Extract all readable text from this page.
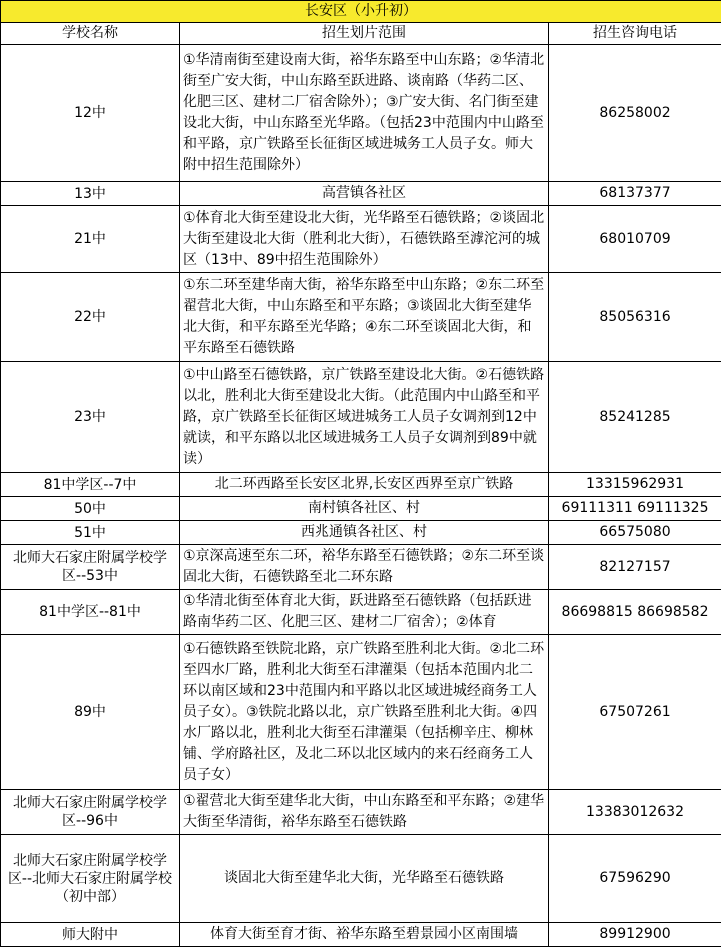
长安区（小升初）		
学校名称	招生划片范围	招生咨询电话
12中	①华清南街至建设南大街，裕华东路至中山东路；②华清北街至广安大街，中山东路至跃进路、谈南路（华药二区、化肥三区、建材二厂宿舍除外）；③广安大街、名门街至建设北大街，中山东路至光华路。（包括23中范围内中山路至和平路，京广铁路至长征街区域进城务工人员子女。师大附中招生范围除外）	86258002
13中	高营镇各社区	68137377
21中	①体育北大街至建设北大街，光华路至石德铁路；②谈固北大街至建设北大街（胜利北大街），石德铁路至滹沱河的城区（13中、89中招生范围除外）	68010709
22中	①东二环至建华南大街，裕华东路至中山东路；②东二环至翟营北大街，中山东路至和平东路；③谈固北大街至建华北大街，和平东路至光华路；④东二环至谈固北大街，和平东路至石德铁路	85056316
23中	①中山路至石德铁路，京广铁路至建设北大街。②石德铁路以北，胜利北大街至建设北大街。（此范围内中山路至和平路，京广铁路至长征街区域进城务工人员子女调剂到12中就读，和平东路以北区域进城务工人员子女调剂到89中就读）	85241285
81中学区--7中	北二环西路至长安区北界,长安区西界至京广铁路	13315962931
50中	南村镇各社区、村	69111311 69111325
51中	西兆通镇各社区、村	66575080
北师大石家庄附属学校学区--53中	①京深高速至东二环，裕华东路至石德铁路；②东二环至谈固北大街，石德铁路至北二环东路	82127157
81中学区--81中	①华清北街至体育北大街，跃进路至石德铁路（包括跃进路南华药二区、化肥三区、建材二厂宿舍）；②体育	86698815 86698582
89中	①石德铁路至铁院北路，京广铁路至胜利北大街。②北二环至四水厂路，胜利北大街至石津灌渠（包括本范围内北二环以南区域和23中范围内和平路以北区域进城经商务工人员子女）。③铁院北路以北，京广铁路至胜利北大街。④四水厂路以北，胜利北大街至石津灌渠（包括柳辛庄、柳林铺、学府路社区，及北二环以北区域内的来石经商务工人员子女）	67507261
北师大石家庄附属学校学区--96中	①翟营北大街至建华北大街，中山东路至和平东路；②建华大街至华清街，裕华东路至石德铁路	13383012632
北师大石家庄附属学校学区--北师大石家庄附属学校（初中部）	谈固北大街至建华北大街，光华路至石德铁路	67596290
师大附中	体育大街至育才街、裕华东路至碧景园小区南围墙	89912900
